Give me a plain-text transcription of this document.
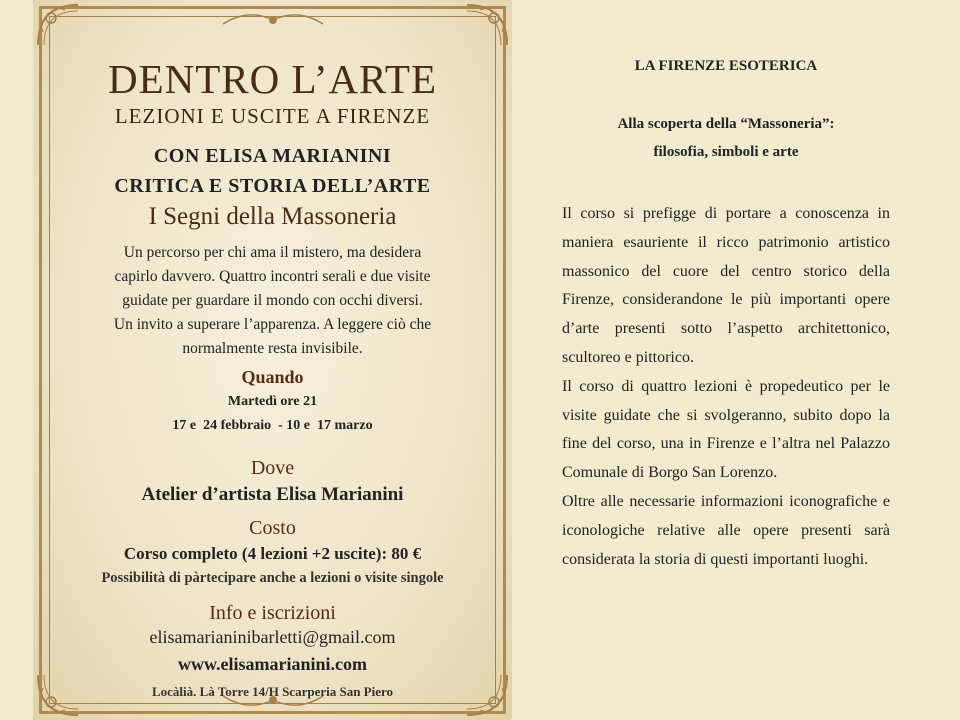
DENTRO L’ARTE
LEZIONI E USCITE A FIRENZE
CON ELISA MARIANINI
CRITICA E STORIA DELL’ARTE
I Segni della Massoneria
Un percorso per chi ama il mistero, ma desidera
capirlo davvero. Quattro incontri serali e due visite
guidate per guardare il mondo con occhi diversi.
Un invito a superare l’apparenza. A leggere ciò che
normalmente resta invisibile.
Quando
Martedì ore 21
17 e  24 febbraio  - 10 e  17 marzo
Dove
Atelier d’artista Elisa Marianini
Costo
Corso completo (4 lezioni +2 uscite): 80 €
Possibilità di pàrtecipare anche a lezioni o visite singole
Info e iscrizioni
elisamarianinibarletti@gmail.com
www.elisamarianini.com
Locàlià. Là Torre 14/H Scarperia San Piero
LA FIRENZE ESOTERICA
Alla scoperta della “Massoneria”:
filosofia, simboli e arte

Il corso si prefigge di portare a conoscenza in maniera esauriente il ricco patrimonio artistico massonico del cuore del centro storico della Firenze, considerandone le più importanti opere d’arte presenti sotto l’aspetto architettonico, scultoreo e pittorico.

Il corso di quattro lezioni è propedeutico per le visite guidate che si svolgeranno, subito dopo la fine del corso, una in Firenze e l’altra nel Palazzo Comunale di Borgo San Lorenzo.

Oltre alle necessarie informazioni iconografiche e iconologiche relative alle opere presenti sarà considerata la storia di questi importanti luoghi.
